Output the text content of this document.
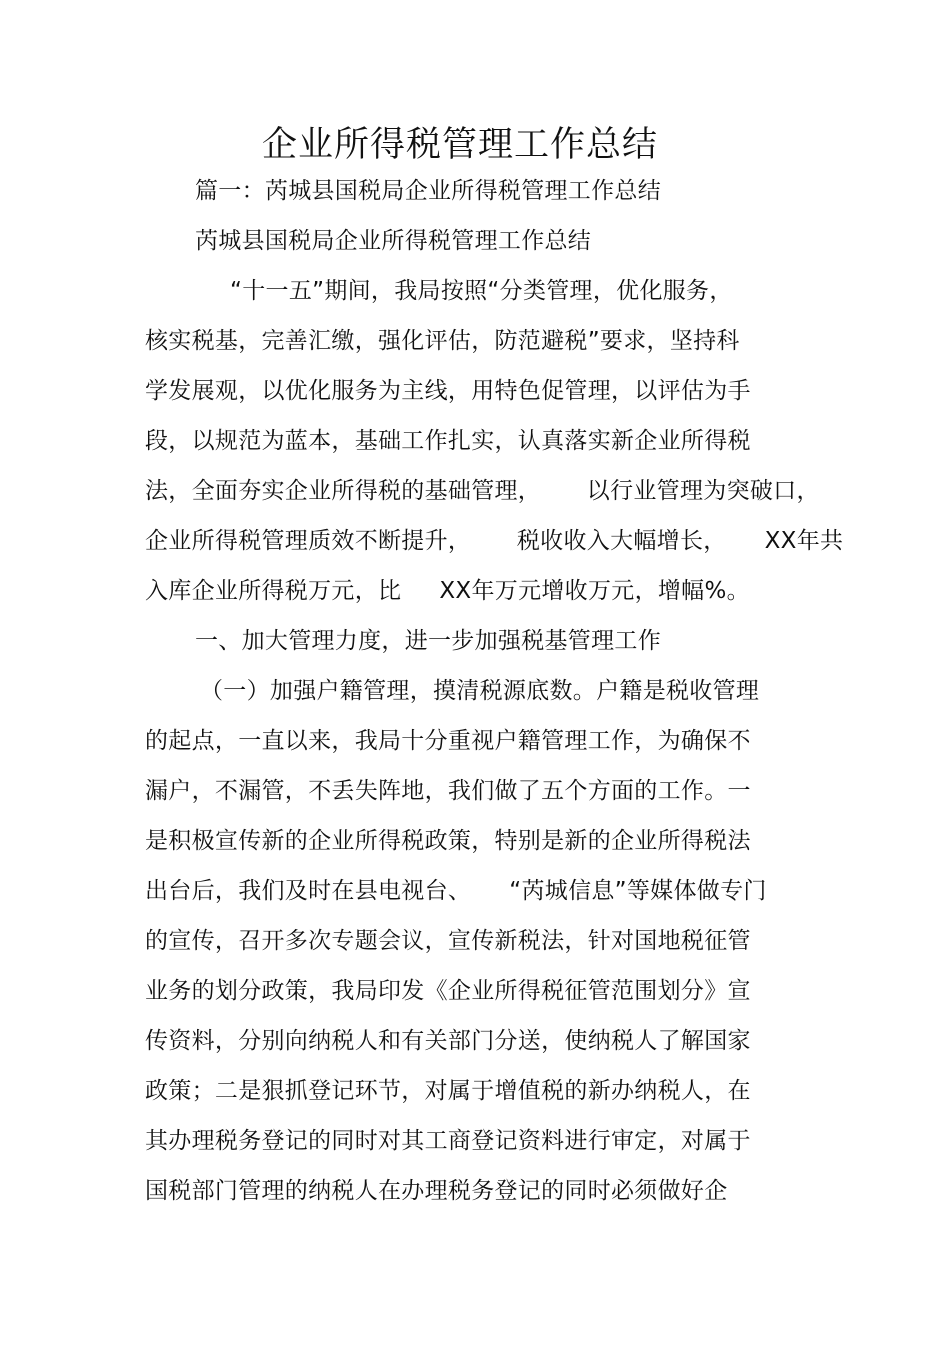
企业所得税管理工作总结
篇一：芮城县国税局企业所得税管理工作总结
芮城县国税局企业所得税管理工作总结
“十一五”期间，我局按照“分类管理，优化服务，
核实税基，完善汇缴，强化评估，防范避税”要求，坚持科
学发展观，以优化服务为主线，用特色促管理，以评估为手
段，以规范为蓝本，基础工作扎实，认真落实新企业所得税
法，全面夯实企业所得税的基础管理，      以行业管理为突破口，
企业所得税管理质效不断提升，      税收收入大幅增长，     XX年共
入库企业所得税万元，比     XX年万元增收万元，增幅%。
一、加大管理力度，进一步加强税基管理工作
（一）加强户籍管理，摸清税源底数。户籍是税收管理
的起点，一直以来，我局十分重视户籍管理工作，为确保不
漏户，不漏管，不丢失阵地，我们做了五个方面的工作。一
是积极宣传新的企业所得税政策，特别是新的企业所得税法
出台后，我们及时在县电视台、     “芮城信息”等媒体做专门
的宣传，召开多次专题会议，宣传新税法，针对国地税征管
业务的划分政策，我局印发《企业所得税征管范围划分》宣
传资料，分别向纳税人和有关部门分送，使纳税人了解国家
政策；二是狠抓登记环节，对属于增值税的新办纳税人，在
其办理税务登记的同时对其工商登记资料进行审定，对属于
国税部门管理的纳税人在办理税务登记的同时必须做好企
